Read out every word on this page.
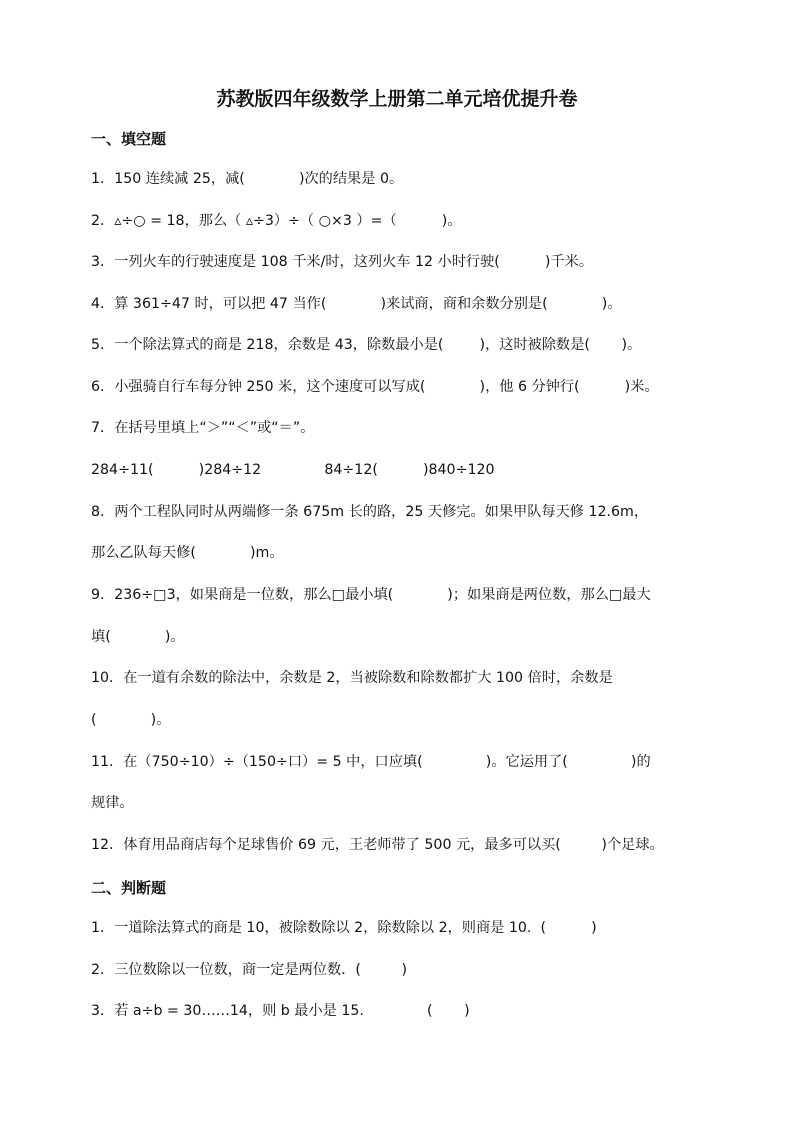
苏教版四年级数学上册第二单元培优提升卷
一、填空题
1．150 连续减 25，减(            )次的结果是 0。
2．▵÷○ = 18，那么（ ▵÷3）÷（ ○×3 ）=（          )。
3．一列火车的行驶速度是 108 千米/时，这列火车 12 小时行驶(          )千米。
4．算 361÷47 时，可以把 47 当作(            )来试商，商和余数分别是(            )。
5．一个除法算式的商是 218，余数是 43，除数最小是(        )，这时被除数是(       )。
6．小强骑自行车每分钟 250 米，这个速度可以写成(            )，他 6 分钟行(          )米。
7．在括号里填上“＞”“＜”或“＝”。
284÷11(          )284÷12              84÷12(          )840÷120
8．两个工程队同时从两端修一条 675m 长的路，25 天修完。如果甲队每天修 12.6m，
那么乙队每天修(            )m。
9．236÷□3，如果商是一位数，那么□最小填(            )；如果商是两位数，那么□最大
填(            )。
10．在一道有余数的除法中，余数是 2，当被除数和除数都扩大 100 倍时，余数是
(            )。
11．在（750÷10）÷（150÷口）= 5 中，口应填(              )。它运用了(              )的
规律。
12．体育用品商店每个足球售价 69 元，王老师带了 500 元，最多可以买(         )个足球。
二、判断题
1．一道除法算式的商是 10，被除数除以 2，除数除以 2，则商是 10.  (          )
2．三位数除以一位数，商一定是两位数．(         )
3．若 a÷b = 30……14，则 b 最小是 15.              (       )
